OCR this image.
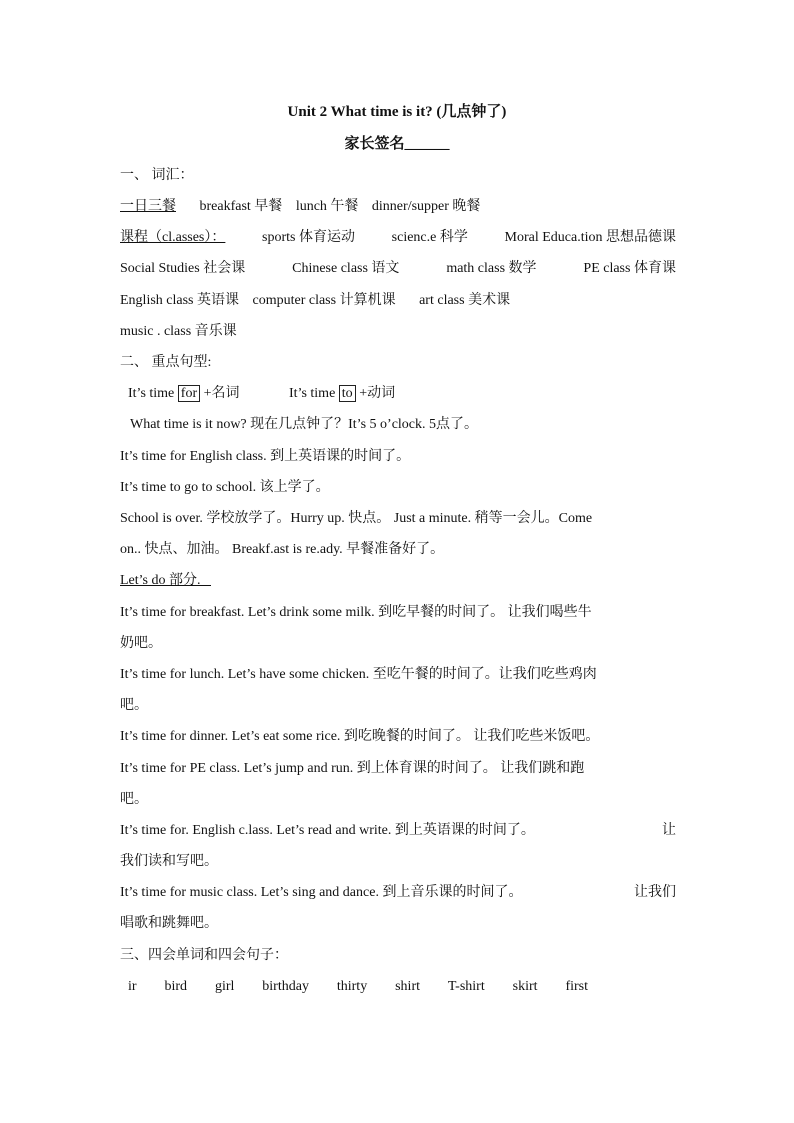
Unit 2 What time is it? (几点钟了)
家长签名______
一、 词汇：
一日三餐 breakfast 早餐 lunch 午餐 dinner/supper 晚餐
课程（cl.asses）：	sports 体育运动	scienc.e 科学	Moral Educa.tion 思想品德课
Social Studies 社会课	Chinese class 语文	math class 数学	PE class 体育课
English class 英语课 computer class 计算机课 art class 美术课
music . class 音乐课
二、 重点句型:
It’s time for +名词	It’s time to +动词
What time is it now? 现在几点钟了？It’s 5 o’clock. 5点了。
It’s time for English class. 到上英语课的时间了。
It’s time to go to school. 该上学了。
School is over. 学校放学了。Hurry up. 快点。 Just a minute. 稍等一会儿。Come
on.. 快点、加油。 Breakf.ast is re.ady. 早餐准备好了。
Let’s do 部分.
It’s time for breakfast. Let’s drink some milk. 到吃早餐的时间了。 让我们喝些牛
奶吧。
It’s time for lunch. Let’s have some chicken. 至吃午餐的时间了。让我们吃些鸡肉
吧。
It’s time for dinner. Let’s eat some rice. 到吃晚餐的时间了。 让我们吃些米饭吧。
It’s time for PE class. Let’s jump and run. 到上体育课的时间了。 让我们跳和跑
吧。
It’s time for. English c.lass. Let’s read and write. 到上英语课的时间了。	让
我们读和写吧。
It’s time for music class. Let’s sing and dance. 到上音乐课的时间了。	让我们
唱歌和跳舞吧。
三、四会单词和四会句子：
ir bird girl birthday thirty shirt T-shirt skirt first
